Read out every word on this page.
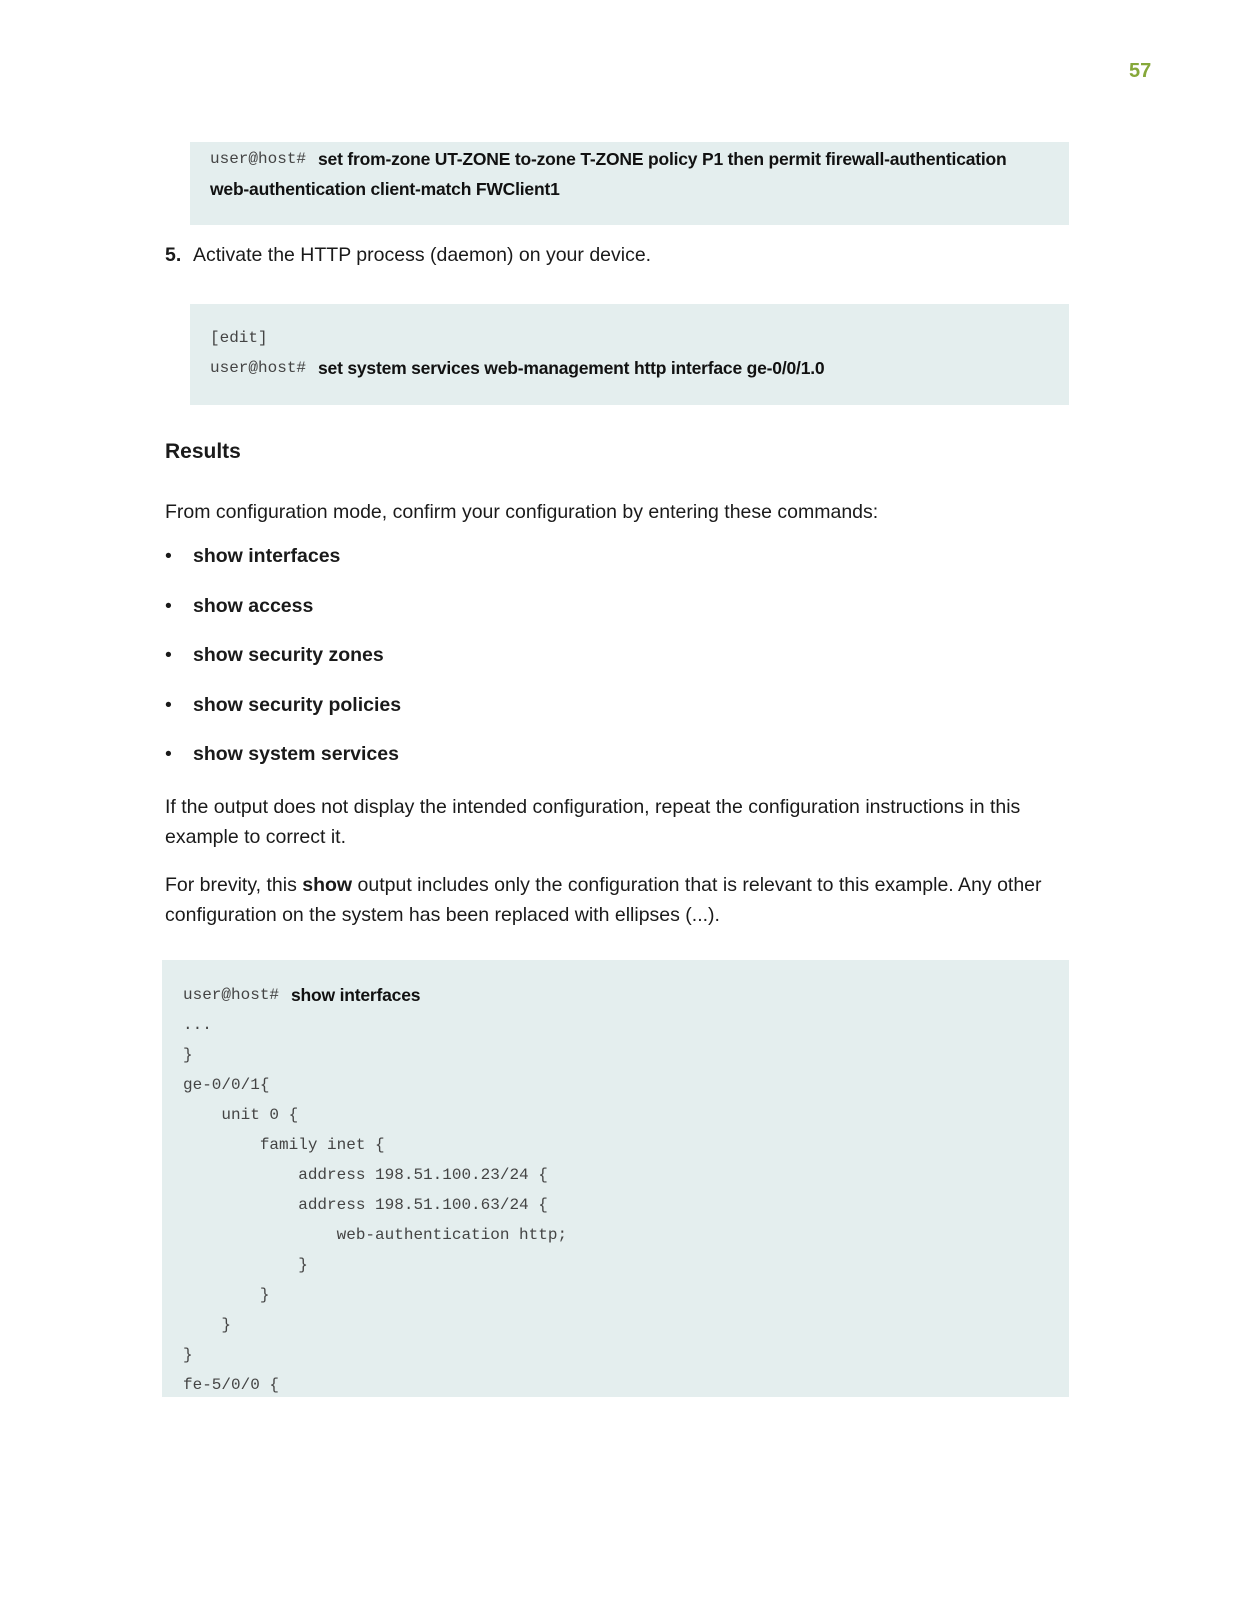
57
user@host# set from-zone UT-ZONE to-zone T-ZONE policy P1 then permit firewall-authentication
web-authentication client-match FWClient1
5. Activate the HTTP process (daemon) on your device.
[edit]
user@host# set system services web-management http interface ge-0/0/1.0
Results
From configuration mode, confirm your configuration by entering these commands:
•	show interfaces
•	show access
•	show security zones
•	show security policies
•	show system services
If the output does not display the intended configuration, repeat the configuration instructions in this example to correct it.
For brevity, this show output includes only the configuration that is relevant to this example. Any other configuration on the system has been replaced with ellipses (...).
user@host# show interfaces
...
}
ge-0/0/1{
unit 0 {
family inet {
address 198.51.100.23/24 {
address 198.51.100.63/24 {
web-authentication http;
}
}
}
}
fe-5/0/0 {
